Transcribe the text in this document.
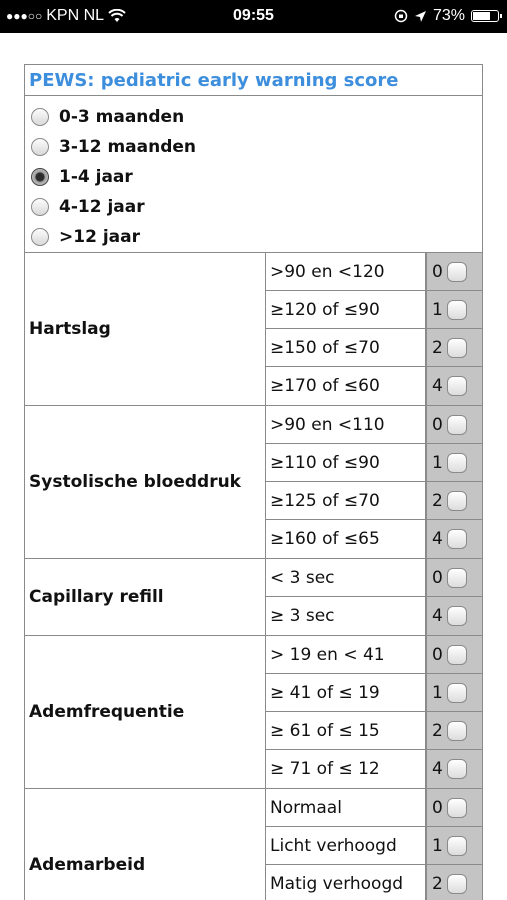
●●●○○ KPN NL	09:55	73%
PEWS: pediatric early warning score
0-3 maanden
3-12 maanden
1-4 jaar
4-12 jaar
>12 jaar
Hartslag
>90 en <120	0
≥120 of ≤90	1
≥150 of ≤70	2
≥170 of ≤60	4
Systolische bloeddruk
>90 en <110	0
≥110 of ≤90	1
≥125 of ≤70	2
≥160 of ≤65	4
Capillary refill
< 3 sec	0
≥ 3 sec	4
Ademfrequentie
> 19 en < 41	0
≥ 41 of ≤ 19	1
≥ 61 of ≤ 15	2
≥ 71 of ≤ 12	4
Ademarbeid
Normaal	0
Licht verhoogd	1
Matig verhoogd	2
